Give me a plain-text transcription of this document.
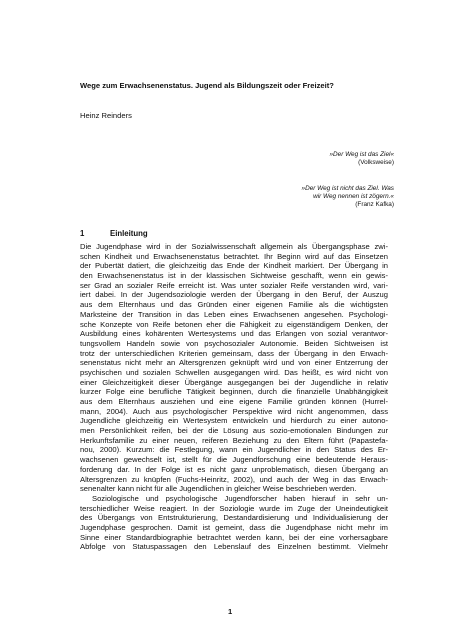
Wege zum Erwachsenenstatus. Jugend als Bildungszeit oder Freizeit?
Heinz Reinders
»Der Weg ist das Ziel«
(Volksweise)
»Der Weg ist nicht das Ziel. Was
wir Weg nennen ist zögern.«
(Franz Kafka)
1	Einleitung
Die Jugendphase wird in der Sozialwissenschaft allgemein als Übergangsphase zwi-
schen Kindheit und Erwachsenenstatus betrachtet. Ihr Beginn wird auf das Einsetzen
der Pubertät datiert, die gleichzeitig das Ende der Kindheit markiert. Der Übergang in
den Erwachsenenstatus ist in der klassischen Sichtweise geschafft, wenn ein gewis-
ser Grad an sozialer Reife erreicht ist. Was unter sozialer Reife verstanden wird, vari-
iert dabei. In der Jugendsoziologie werden der Übergang in den Beruf, der Auszug
aus dem Elternhaus und das Gründen einer eigenen Familie als die wichtigsten
Marksteine der Transition in das Leben eines Erwachsenen angesehen. Psychologi-
sche Konzepte von Reife betonen eher die Fähigkeit zu eigenständigem Denken, der
Ausbildung eines kohärenten Wertesystems und das Erlangen von sozial verantwor-
tungsvollem Handeln sowie von psychosozialer Autonomie. Beiden Sichtweisen ist
trotz der unterschiedlichen Kriterien gemeinsam, dass der Übergang in den Erwach-
senenstatus nicht mehr an Altersgrenzen geknüpft wird und von einer Entzerrung der
psychischen und sozialen Schwellen ausgegangen wird. Das heißt, es wird nicht von
einer Gleichzeitigkeit dieser Übergänge ausgegangen bei der Jugendliche in relativ
kurzer Folge eine berufliche Tätigkeit beginnen, durch die finanzielle Unabhängigkeit
aus dem Elternhaus ausziehen und eine eigene Familie gründen können (Hurrel-
mann, 2004). Auch aus psychologischer Perspektive wird nicht angenommen, dass
Jugendliche gleichzeitig ein Wertesystem entwickeln und hierdurch zu einer autono-
men Persönlichkeit reifen, bei der die Lösung aus sozio-emotionalen Bindungen zur
Herkunftsfamilie zu einer neuen, reiferen Beziehung zu den Eltern führt (Papastefa-
nou, 2000). Kurzum: die Festlegung, wann ein Jugendlicher in den Status des Er-
wachsenen gewechselt ist, stellt für die Jugendforschung eine bedeutende Heraus-
forderung dar. In der Folge ist es nicht ganz unproblematisch, diesen Übergang an
Altersgrenzen zu knüpfen (Fuchs-Heinritz, 2002), und auch der Weg in das Erwach-
senenalter kann nicht für alle Jugendlichen in gleicher Weise beschrieben werden.
Soziologische und psychologische Jugendforscher haben hierauf in sehr un-
terschiedlicher Weise reagiert. In der Soziologie wurde im Zuge der Uneindeutigkeit
des Übergangs von Entstrukturierung, Destandardisierung und Individualisierung der
Jugendphase gesprochen. Damit ist gemeint, dass die Jugendphase nicht mehr im
Sinne einer Standardbiographie betrachtet werden kann, bei der eine vorhersagbare
Abfolge von Statuspassagen den Lebenslauf des Einzelnen bestimmt. Vielmehr
1
